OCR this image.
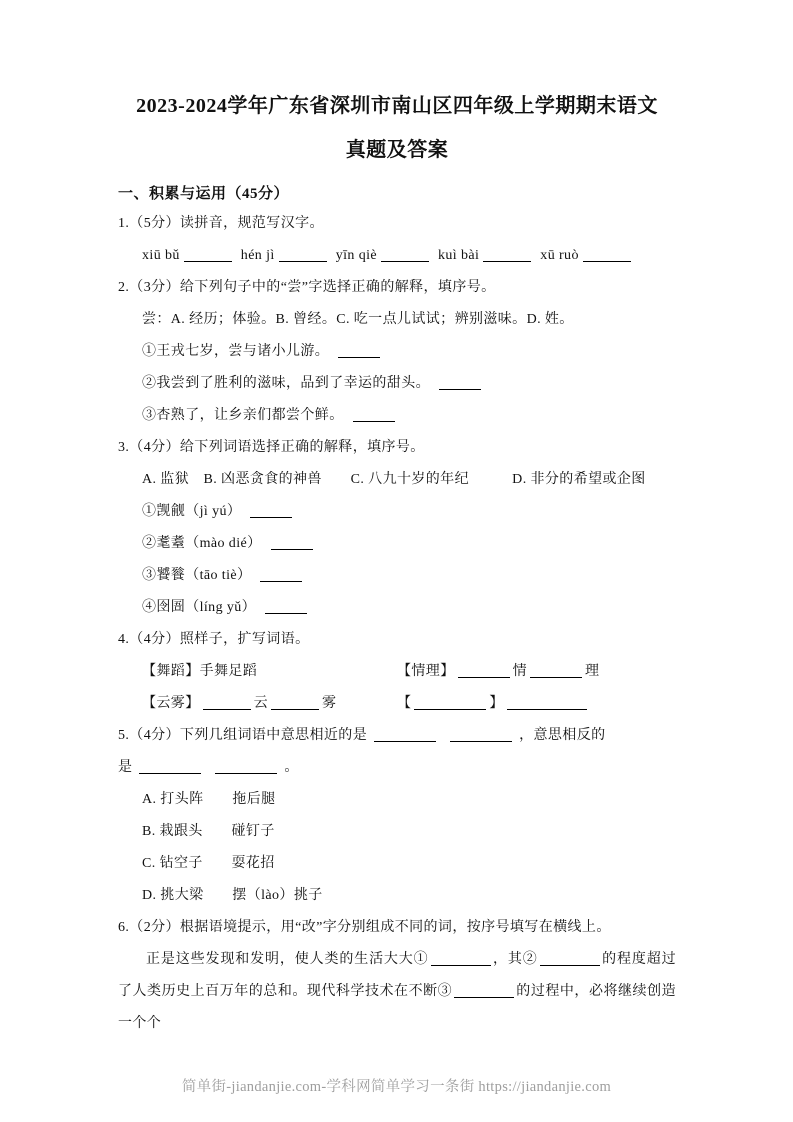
2023-2024学年广东省深圳市南山区四年级上学期期末语文
真题及答案
一、积累与运用（45分）
1.（5分）读拼音，规范写汉字。
xiū bǔ	hén jì	yīn qiè	kuì bài	xū ruò
2.（3分）给下列句子中的“尝”字选择正确的解释，填序号。
尝：A. 经历；体验。B. 曾经。C. 吃一点儿试试；辨别滋味。D. 姓。
①王戎七岁，尝与诸小儿游。
②我尝到了胜利的滋味，品到了幸运的甜头。
③杏熟了，让乡亲们都尝个鲜。
3.（4分）给下列词语选择正确的解释，填序号。
A. 监狱　B. 凶恶贪食的神兽　　C. 八九十岁的年纪　　　D. 非分的希望或企图
①觊觎（jì yú）
②耄耋（mào dié）
③饕餮（tāo tiè）
④囹圄（líng yǔ）
4.（4分）照样子，扩写词语。
【舞蹈】手舞足蹈	【情理】	情	理
【云雾】	云	雾	【	】
5.（4分）下列几组词语中意思相近的是	，意思相反的
是	。
A. 打头阵　　拖后腿
B. 栽跟头　　碰钉子
C. 钻空子　　耍花招
D. 挑大梁　　摆（lào）挑子
6.（2分）根据语境提示，用“改”字分别组成不同的词，按序号填写在横线上。
正是这些发现和发明，使人类的生活大大①	，其②	的程度超过了人类历史上百万年的总和。现代科学技术在不断③	的过程中，必将继续创造一个个
简单街-jiandanjie.com-学科网简单学习一条街 https://jiandanjie.com
